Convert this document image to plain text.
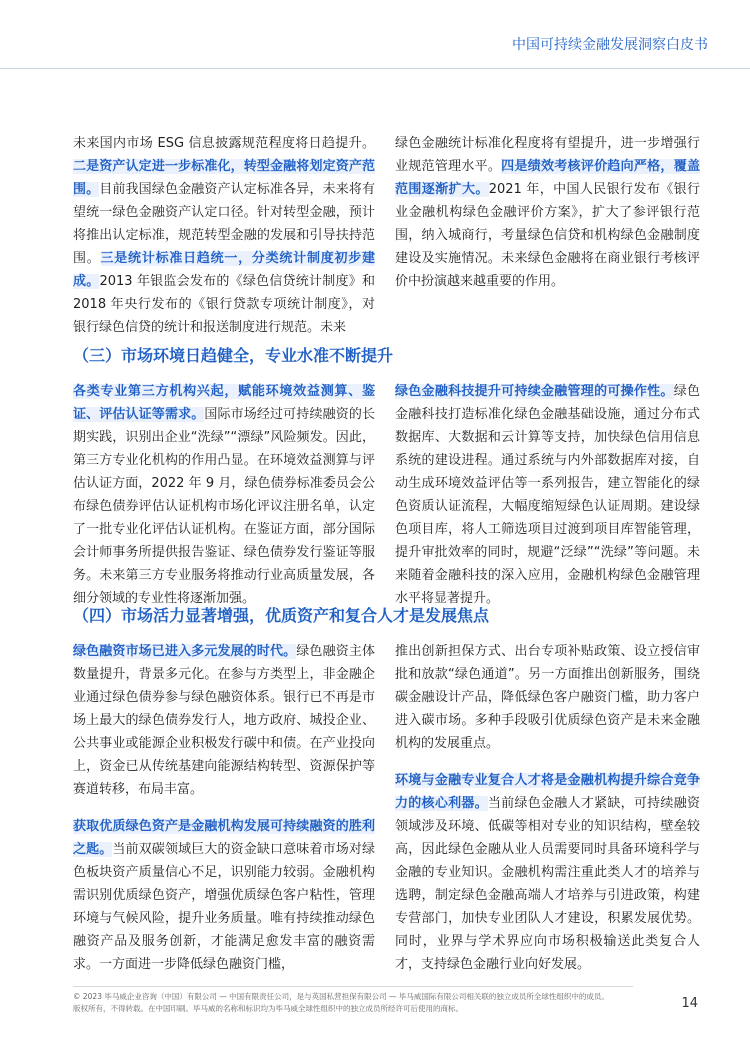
中国可持续金融发展洞察白皮书

未来国内市场 ESG 信息披露规范程度将日趋提升。二是资产认定进一步标准化，转型金融将划定资产范围。目前我国绿色金融资产认定标准各异，未来将有望统一绿色金融资产认定口径。针对转型金融，预计将推出认定标准，规范转型金融的发展和引导扶持范围。三是统计标准日趋统一，分类统计制度初步建成。2013 年银监会发布的《绿色信贷统计制度》和 2018 年央行发布的《银行贷款专项统计制度》，对银行绿色信贷的统计和报送制度进行规范。未来

绿色金融统计标准化程度将有望提升，进一步增强行业规范管理水平。四是绩效考核评价趋向严格，覆盖范围逐渐扩大。2021 年，中国人民银行发布《银行业金融机构绿色金融评价方案》，扩大了参评银行范围，纳入城商行，考量绿色信贷和机构绿色金融制度建设及实施情况。未来绿色金融将在商业银行考核评价中扮演越来越重要的作用。

（三）市场环境日趋健全，专业水准不断提升

各类专业第三方机构兴起，赋能环境效益测算、鉴证、评估认证等需求。国际市场经过可持续融资的长期实践，识别出企业“洗绿”“漂绿”风险频发。因此，第三方专业化机构的作用凸显。在环境效益测算与评估认证方面，2022 年 9 月，绿色债券标准委员会公布绿色债券评估认证机构市场化评议注册名单，认定了一批专业化评估认证机构。在鉴证方面，部分国际会计师事务所提供报告鉴证、绿色债券发行鉴证等服务。未来第三方专业服务将推动行业高质量发展，各细分领域的专业性将逐渐加强。

绿色金融科技提升可持续金融管理的可操作性。绿色金融科技打造标准化绿色金融基础设施，通过分布式数据库、大数据和云计算等支持，加快绿色信用信息系统的建设进程。通过系统与内外部数据库对接，自动生成环境效益评估等一系列报告，建立智能化的绿色资质认证流程，大幅度缩短绿色认证周期。建设绿色项目库，将人工筛选项目过渡到项目库智能管理，提升审批效率的同时，规避“泛绿”“洗绿”等问题。未来随着金融科技的深入应用，金融机构绿色金融管理水平将显著提升。

（四）市场活力显著增强，优质资产和复合人才是发展焦点

绿色融资市场已进入多元发展的时代。绿色融资主体数量提升，背景多元化。在参与方类型上，非金融企业通过绿色债券参与绿色融资体系。银行已不再是市场上最大的绿色债券发行人，地方政府、城投企业、公共事业或能源企业积极发行碳中和债。在产业投向上，资金已从传统基建向能源结构转型、资源保护等赛道转移，布局丰富。

获取优质绿色资产是金融机构发展可持续融资的胜利之匙。当前双碳领域巨大的资金缺口意味着市场对绿色板块资产质量信心不足，识别能力较弱。金融机构需识别优质绿色资产，增强优质绿色客户粘性，管理环境与气候风险，提升业务质量。唯有持续推动绿色融资产品及服务创新，才能满足愈发丰富的融资需求。一方面进一步降低绿色融资门槛，

推出创新担保方式、出台专项补贴政策、设立授信审批和放款“绿色通道”。另一方面推出创新服务，围绕碳金融设计产品，降低绿色客户融资门槛，助力客户进入碳市场。多种手段吸引优质绿色资产是未来金融机构的发展重点。

环境与金融专业复合人才将是金融机构提升综合竞争力的核心利器。当前绿色金融人才紧缺，可持续融资领域涉及环境、低碳等相对专业的知识结构，壁垒较高，因此绿色金融从业人员需要同时具备环境科学与金融的专业知识。金融机构需注重此类人才的培养与选聘，制定绿色金融高端人才培养与引进政策，构建专营部门，加快专业团队人才建设，积累发展优势。同时，业界与学术界应向市场积极输送此类复合人才，支持绿色金融行业向好发展。

© 2023 毕马威企业咨询（中国）有限公司 — 中国有限责任公司，是与英国私营担保有限公司 — 毕马威国际有限公司相关联的独立成员所全球性组织中的成员。
版权所有，不得转载。在中国印刷。毕马威的名称和标识均为毕马威全球性组织中的独立成员所经许可后使用的商标。	14
